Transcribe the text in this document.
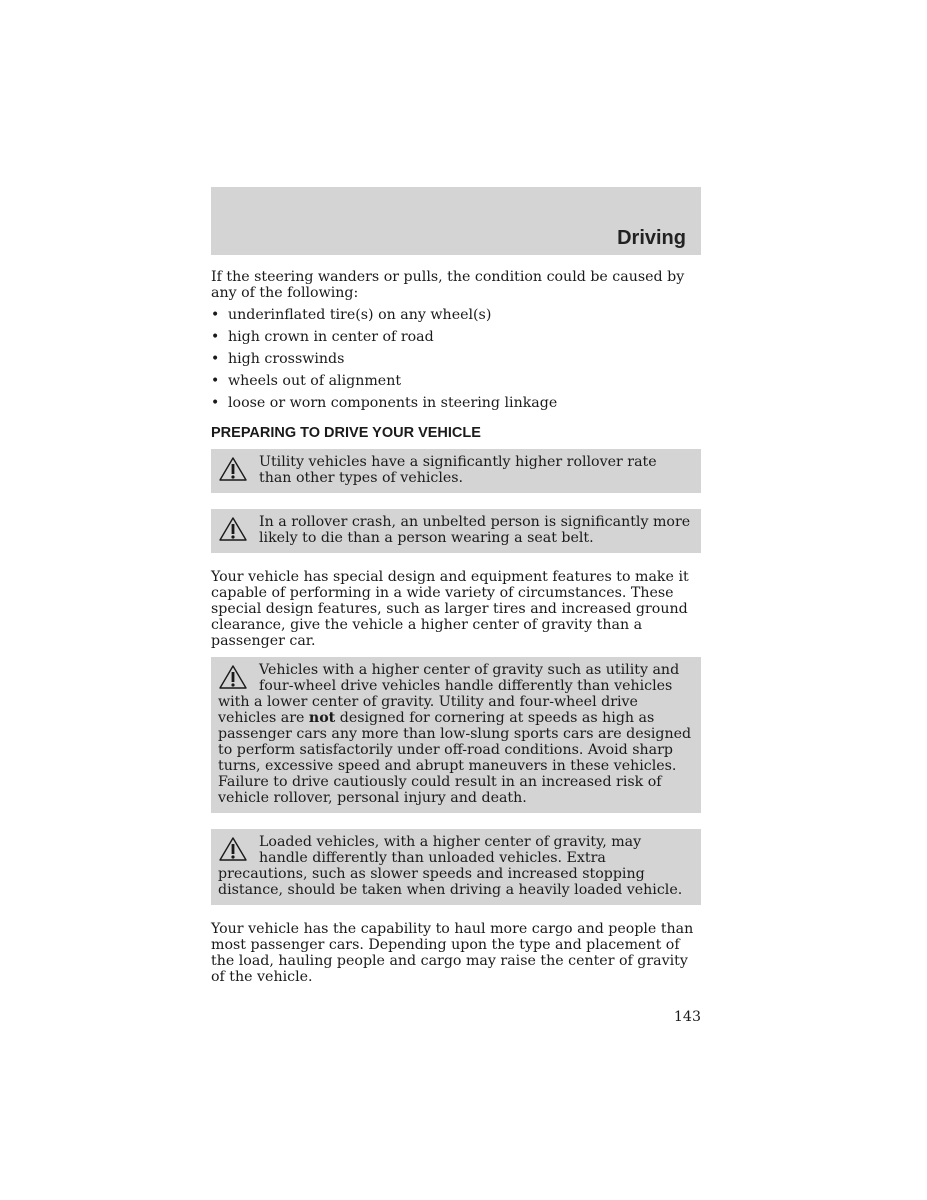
Driving

If the steering wanders or pulls, the condition could be caused by any of the following:

• underinflated tire(s) on any wheel(s)
• high crown in center of road
• high crosswinds
• wheels out of alignment
• loose or worn components in steering linkage
PREPARING TO DRIVE YOUR VEHICLE
Utility vehicles have a significantly higher rollover rate than other types of vehicles.
In a rollover crash, an unbelted person is significantly more likely to die than a person wearing a seat belt.

Your vehicle has special design and equipment features to make it capable of performing in a wide variety of circumstances. These special design features, such as larger tires and increased ground clearance, give the vehicle a higher center of gravity than a passenger car.

Vehicles with a higher center of gravity such as utility and four-wheel drive vehicles handle differently than vehicles with a lower center of gravity. Utility and four-wheel drive vehicles are not designed for cornering at speeds as high as passenger cars any more than low-slung sports cars are designed to perform satisfactorily under off-road conditions. Avoid sharp turns, excessive speed and abrupt maneuvers in these vehicles. Failure to drive cautiously could result in an increased risk of vehicle rollover, personal injury and death.
Loaded vehicles, with a higher center of gravity, may handle differently than unloaded vehicles. Extra precautions, such as slower speeds and increased stopping distance, should be taken when driving a heavily loaded vehicle.

Your vehicle has the capability to haul more cargo and people than most passenger cars. Depending upon the type and placement of the load, hauling people and cargo may raise the center of gravity of the vehicle.

143
